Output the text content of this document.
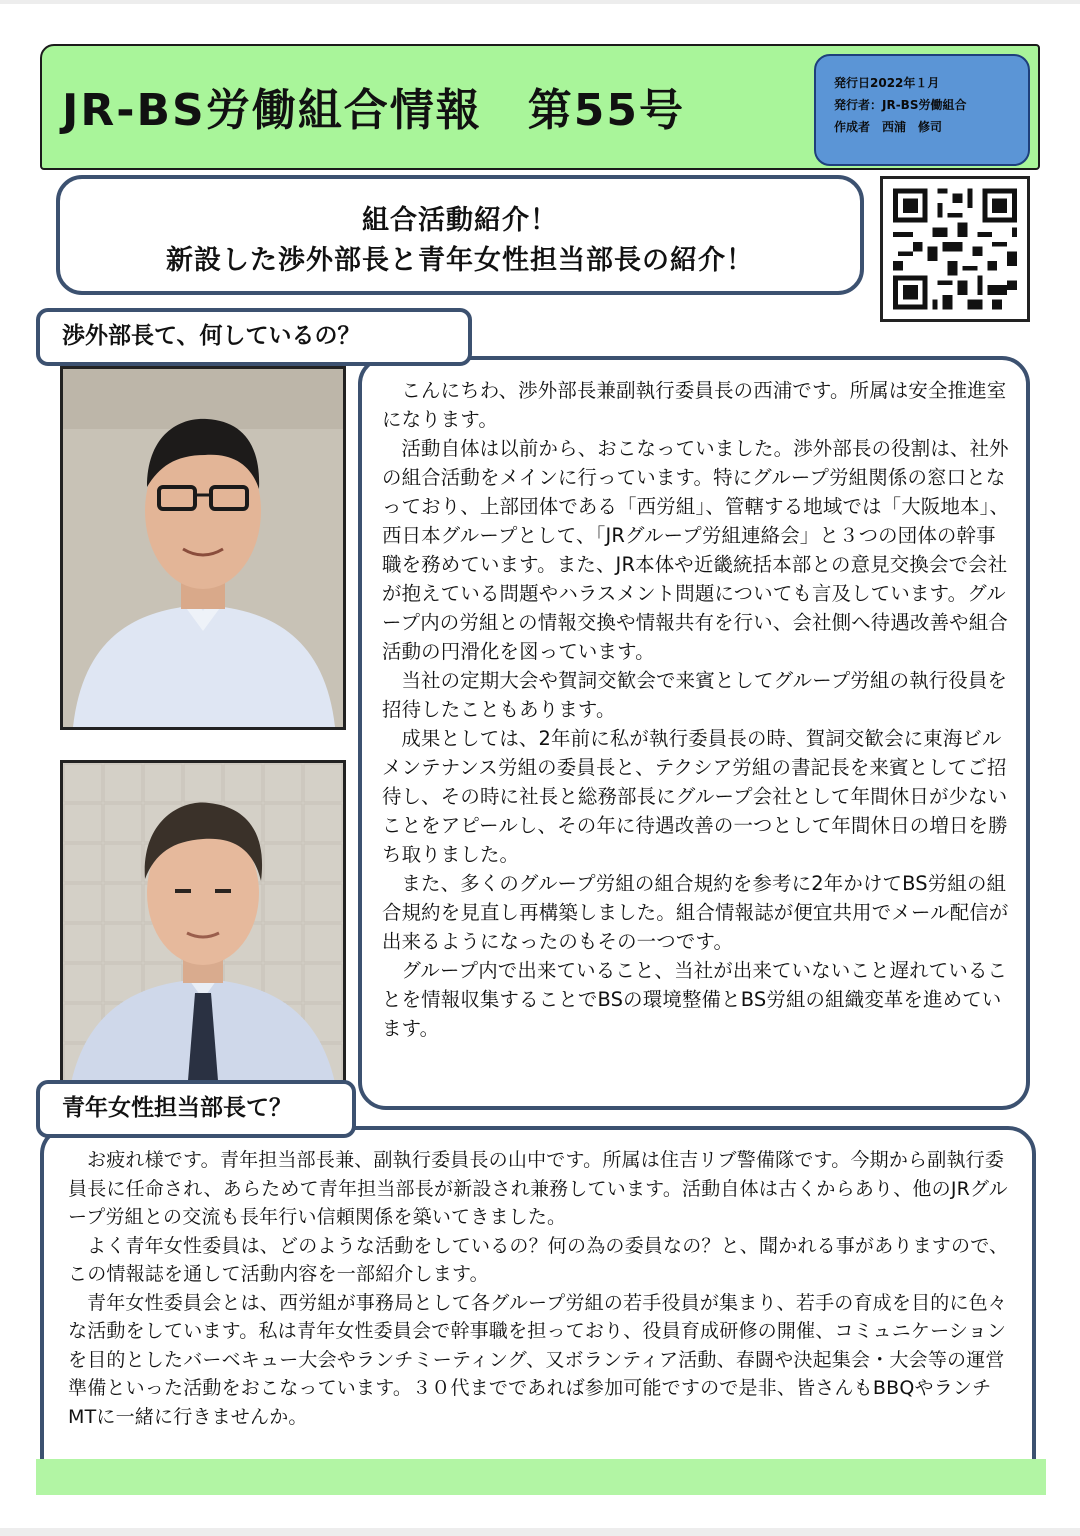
JR-BS労働組合情報　第55号
発行日2022年１月
発行者：JR-BS労働組合
作成者　西浦　修司
組合活動紹介！
新設した渉外部長と青年女性担当部長の紹介！
渉外部長て、何しているの？

こんにちわ、渉外部長兼副執行委員長の西浦です。所属は安全推進室になります。

活動自体は以前から、おこなっていました。渉外部長の役割は、社外の組合活動をメインに行っています。特にグループ労組関係の窓口となっており、上部団体である「西労組」、管轄する地域では「大阪地本」、西日本グループとして、「JRグループ労組連絡会」と３つの団体の幹事職を務めています。また、JR本体や近畿統括本部との意見交換会で会社が抱えている問題やハラスメント問題についても言及しています。グループ内の労組との情報交換や情報共有を行い、会社側へ待遇改善や組合活動の円滑化を図っています。

当社の定期大会や賀詞交歓会で来賓としてグループ労組の執行役員を招待したこともあります。

成果としては、2年前に私が執行委員長の時、賀詞交歓会に東海ビルメンテナンス労組の委員長と、テクシア労組の書記長を来賓としてご招待し、その時に社長と総務部長にグループ会社として年間休日が少ないことをアピールし、その年に待遇改善の一つとして年間休日の増日を勝ち取りました。

また、多くのグループ労組の組合規約を参考に2年かけてBS労組の組合規約を見直し再構築しました。組合情報誌が便宜共用でメール配信が出来るようになったのもその一つです。

グループ内で出来ていること、当社が出来ていないこと遅れていることを情報収集することでBSの環境整備とBS労組の組織変革を進めています。

青年女性担当部長て？

お疲れ様です。青年担当部長兼、副執行委員長の山中です。所属は住吉リブ警備隊です。今期から副執行委員長に任命され、あらためて青年担当部長が新設され兼務しています。活動自体は古くからあり、他のJRグループ労組との交流も長年行い信頼関係を築いてきました。

よく青年女性委員は、どのような活動をしているの？何の為の委員なの？と、聞かれる事がありますので、この情報誌を通して活動内容を一部紹介します。

青年女性委員会とは、西労組が事務局として各グループ労組の若手役員が集まり、若手の育成を目的に色々な活動をしています。私は青年女性委員会で幹事職を担っており、役員育成研修の開催、コミュニケーションを目的としたバーベキュー大会やランチミーティング、又ボランティア活動、春闘や決起集会・大会等の運営準備といった活動をおこなっています。３０代までであれば参加可能ですので是非、皆さんもBBQやランチMTに一緒に行きませんか。
